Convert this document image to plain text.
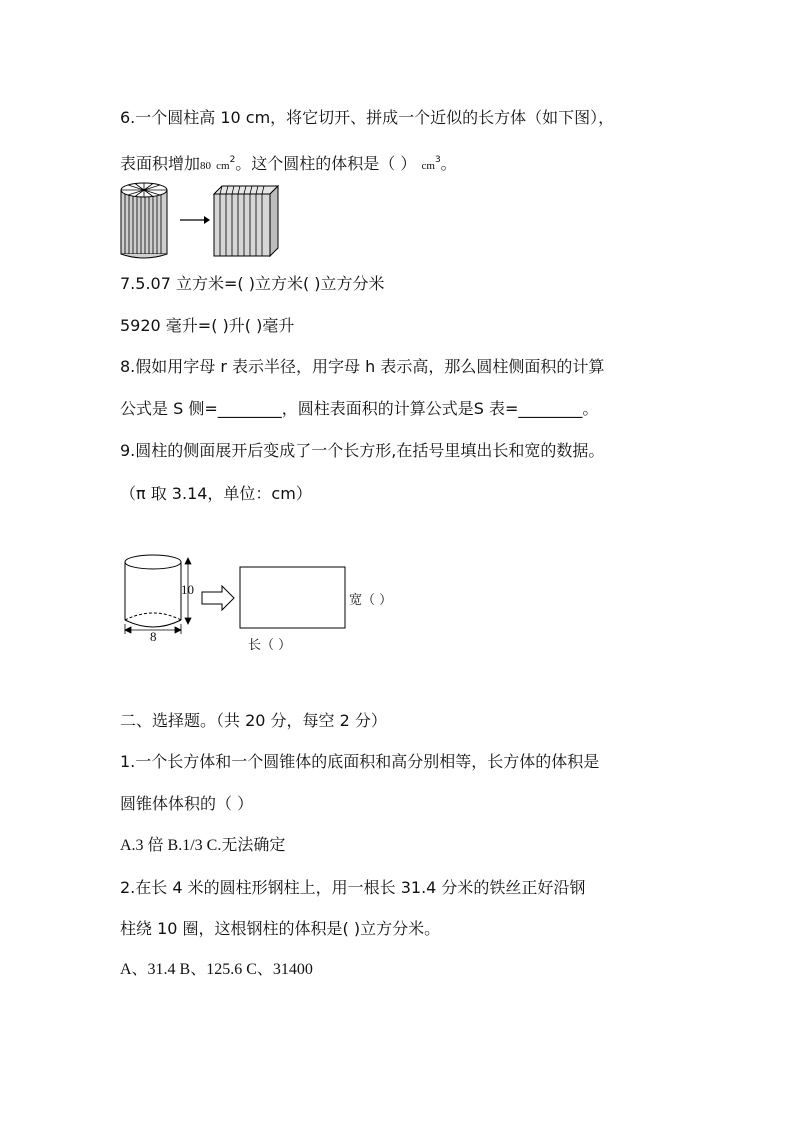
6.一个圆柱高 10 cm，将它切开、拼成一个近似的长方体（如下图），
表面积增加80 $cm^2$。这个圆柱的体积是（ ） $cm^3$。
7.5.07 立方米=( )立方米( )立方分米
5920 毫升=( )升( )毫升
8.假如用字母 r 表示半径，用字母 h 表示高，那么圆柱侧面积的计算
公式是 S 侧=________，圆柱表面积的计算公式是S 表=________。
9.圆柱的侧面展开后变成了一个长方形,在括号里填出长和宽的数据。
（π 取 3.14，单位：cm）
10
8
宽（ ）
长（ ）
二、选择题。（共 20 分，每空 2 分）
1.一个长方体和一个圆锥体的底面积和高分别相等，长方体的体积是
圆锥体体积的（ ）
A.3 倍 B.1/3 C.无法确定
2.在长 4 米的圆柱形钢柱上，用一根长 31.4 分米的铁丝正好沿钢
柱绕 10 圈，这根钢柱的体积是( )立方分米。
A、31.4 B、125.6 C、31400
